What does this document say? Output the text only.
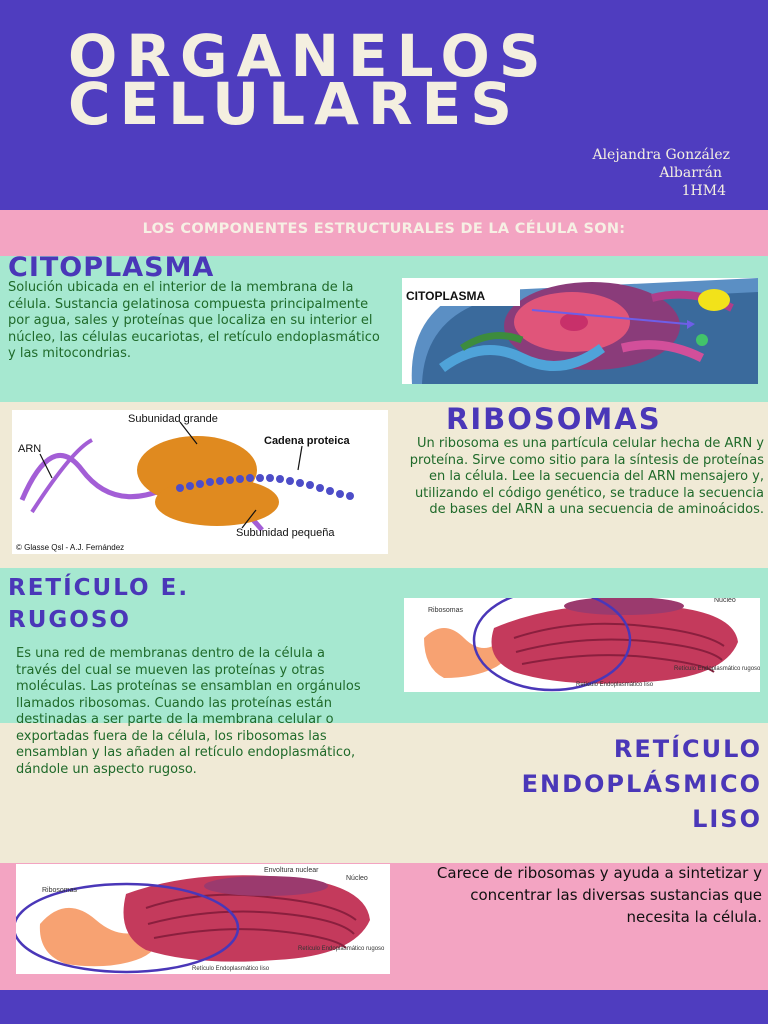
ORGANELOS
CELULARES
Alejandra González
Albarrán
1HM4
LOS COMPONENTES ESTRUCTURALES DE LA CÉLULA SON:
CITOPLASMA
Solución ubicada en el interior de la membrana de la célula. Sustancia gelatinosa compuesta principalmente por agua, sales y proteínas que localiza en su interior el núcleo, las células eucariotas, el retículo endoplasmático y las mitocondrias.
CITOPLASMA
Subunidad grande
ARN
Cadena proteica
Subunidad pequeña
© Glasse Qsl - A.J. Fernández
RIBOSOMAS
Un ribosoma es una partícula celular hecha de ARN y proteína. Sirve como sitio para la síntesis de proteínas en la célula. Lee la secuencia del ARN mensajero y, utilizando el código genético, se traduce la secuencia de bases del ARN a una secuencia de aminoácidos.
RETÍCULO E.
RUGOSO
Es una red de membranas dentro de la célula a través del cual se mueven las proteínas y otras moléculas. Las proteínas se ensamblan en orgánulos llamados ribosomas. Cuando las proteínas están destinadas a ser parte de la membrana celular o exportadas fuera de la célula, los ribosomas las ensamblan y las añaden al retículo endoplasmático, dándole un aspecto rugoso.
Ribosomas
Núcleo
Retículo Endoplasmático rugoso
Retículo Endoplasmático liso
RETÍCULO
ENDOPLÁSMICO
LISO
Envoltura nuclear
Núcleo
Ribosomas
Retículo Endoplasmático rugoso
Retículo Endoplasmático liso
Carece de ribosomas y ayuda a sintetizar y concentrar las diversas sustancias que necesita la célula.
